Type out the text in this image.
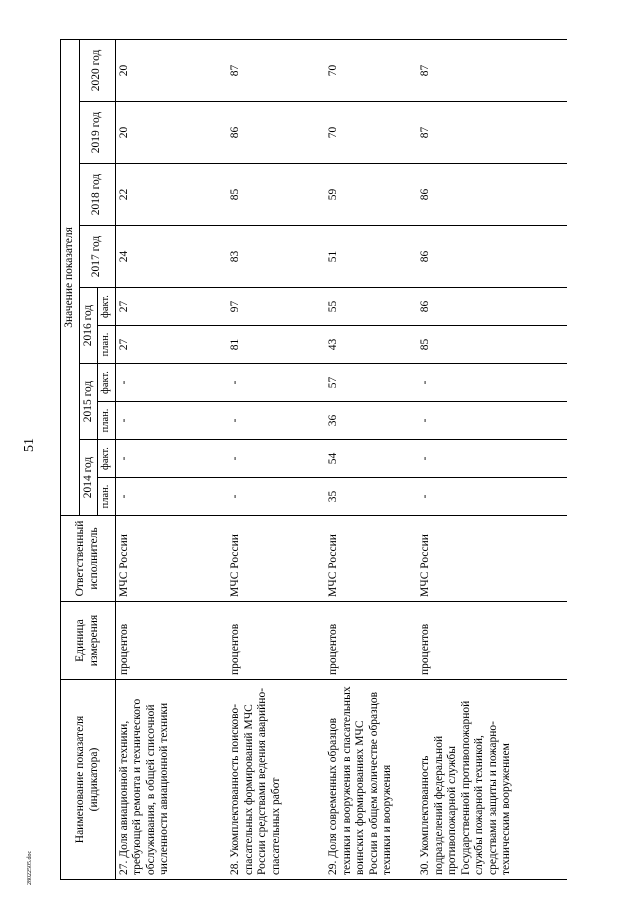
51
28022505.doc
Наименование показателя (индикатора)	Единица измерения	Ответственный исполнитель	Значение показателя									
			2014 год		2015 год		2016 год		2017 год	2018 год	2019 год	2020 год
			план.	факт.	план.	факт.	план.	факт.				
27. Доля авиационной техники, требующей ремонта и технического обслуживания, в общей списочной численности авиационной техники	процентов	МЧС России	-	-	-	-	27	27	24	22	20	20
28. Укомплектованность поисково-спасательных формирований МЧС России средствами ведения аварийно-спасательных работ	процентов	МЧС России	-	-	-	-	81	97	83	85	86	87
29. Доля современных образцов техники и вооружения в спасательных воинских формированиях МЧС России в общем количестве образцов техники и вооружения	процентов	МЧС России	35	54	36	57	43	55	51	59	70	70
30. Укомплектованность подразделений федеральной противопожарной службы Государственной противопожарной службы пожарной техникой, средствами защиты и пожарно-техническим вооружением	процентов	МЧС России	-	-	-	-	85	86	86	86	87	87
